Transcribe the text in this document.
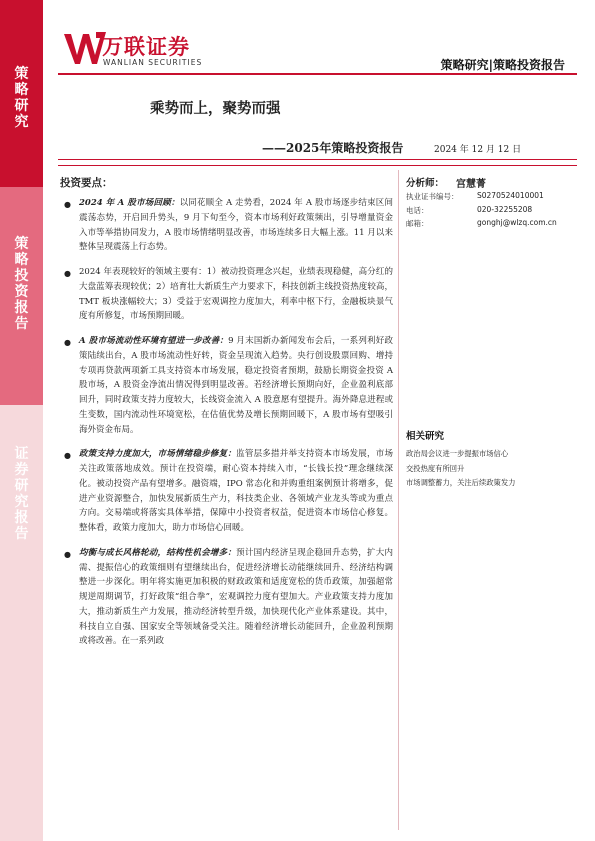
策
略
研
究
策
略
投
资
报
告
证
券
研
究
报
告
万联证券
WANLIAN SECURITIES	策略研究|策略投资报告
乘势而上，聚势而强
——2025年策略投资报告	2024 年 12 月 12 日
投资要点：
● 2024 年 A 股市场回顾：以同花顺全 A 走势看，2024 年 A 股市场逐步结束区间震荡态势，开启回升势头，9 月下旬至今，资本市场利好政策频出，引导增量资金入市等举措协同发力，A 股市场情绪明显改善，市场连续多日大幅上涨。11 月以来整体呈现震荡上行态势。
● 2024 年表现较好的领域主要有：1）被动投资理念兴起，业绩表现稳健，高分红的大盘蓝筹表现较优；2）培育壮大新质生产力要求下，科技创新主线投资热度较高，TMT 板块涨幅较大；3）受益于宏观调控力度加大，利率中枢下行，金融板块景气度有所修复，市场预期回暖。
● A 股市场流动性环境有望进一步改善：9 月末国新办新闻发布会后，一系列利好政策陆续出台，A 股市场流动性好转，资金呈现流入趋势。央行创设股票回购、增持专项再贷款两项新工具支持资本市场发展，稳定投资者预期，鼓励长期资金投资 A 股市场，A 股资金净流出情况得到明显改善。若经济增长预期向好，企业盈利底部回升，同时政策支持力度较大，长线资金流入 A 股意愿有望提升。海外降息进程或生变数，国内流动性环境宽松，在估值优势及增长预期回暖下，A 股市场有望吸引海外资金布局。
● 政策支持力度加大，市场情绪稳步修复：监管层多措并举支持资本市场发展，市场关注政策落地成效。预计在投资端，耐心资本持续入市，“长钱长投”理念继续深化。被动投资产品有望增多。融资端，IPO 常态化和并购重组案例预计将增多，促进产业资源整合，加快发展新质生产力，科技类企业、各领域产业龙头等或为重点方向。交易端或将落实具体举措，保障中小投资者权益，促进资本市场信心修复。整体看，政策力度加大，助力市场信心回暖。
● 均衡与成长风格轮动，结构性机会增多：预计国内经济呈现企稳回升态势，扩大内需、提振信心的政策细则有望继续出台，促进经济增长动能继续回升、经济结构调整进一步深化。明年将实施更加积极的财政政策和适度宽松的货币政策，加强超常规逆周期调节，打好政策“组合拳”，宏观调控力度有望加大。产业政策支持力度加大，推动新质生产力发展，推动经济转型升级，加快现代化产业体系建设。其中，科技自立自强、国家安全等领域备受关注。随着经济增长动能回升，企业盈利预期或将改善。在一系列政
分析师： 宫慧菁
执业证书编号： S0270524010001
电话：	020-32255208
邮箱：	gonghj@wlzq.com.cn
相关研究
政治局会议进一步提振市场信心
交投热度有所回升
市场调整蓄力，关注后续政策发力
